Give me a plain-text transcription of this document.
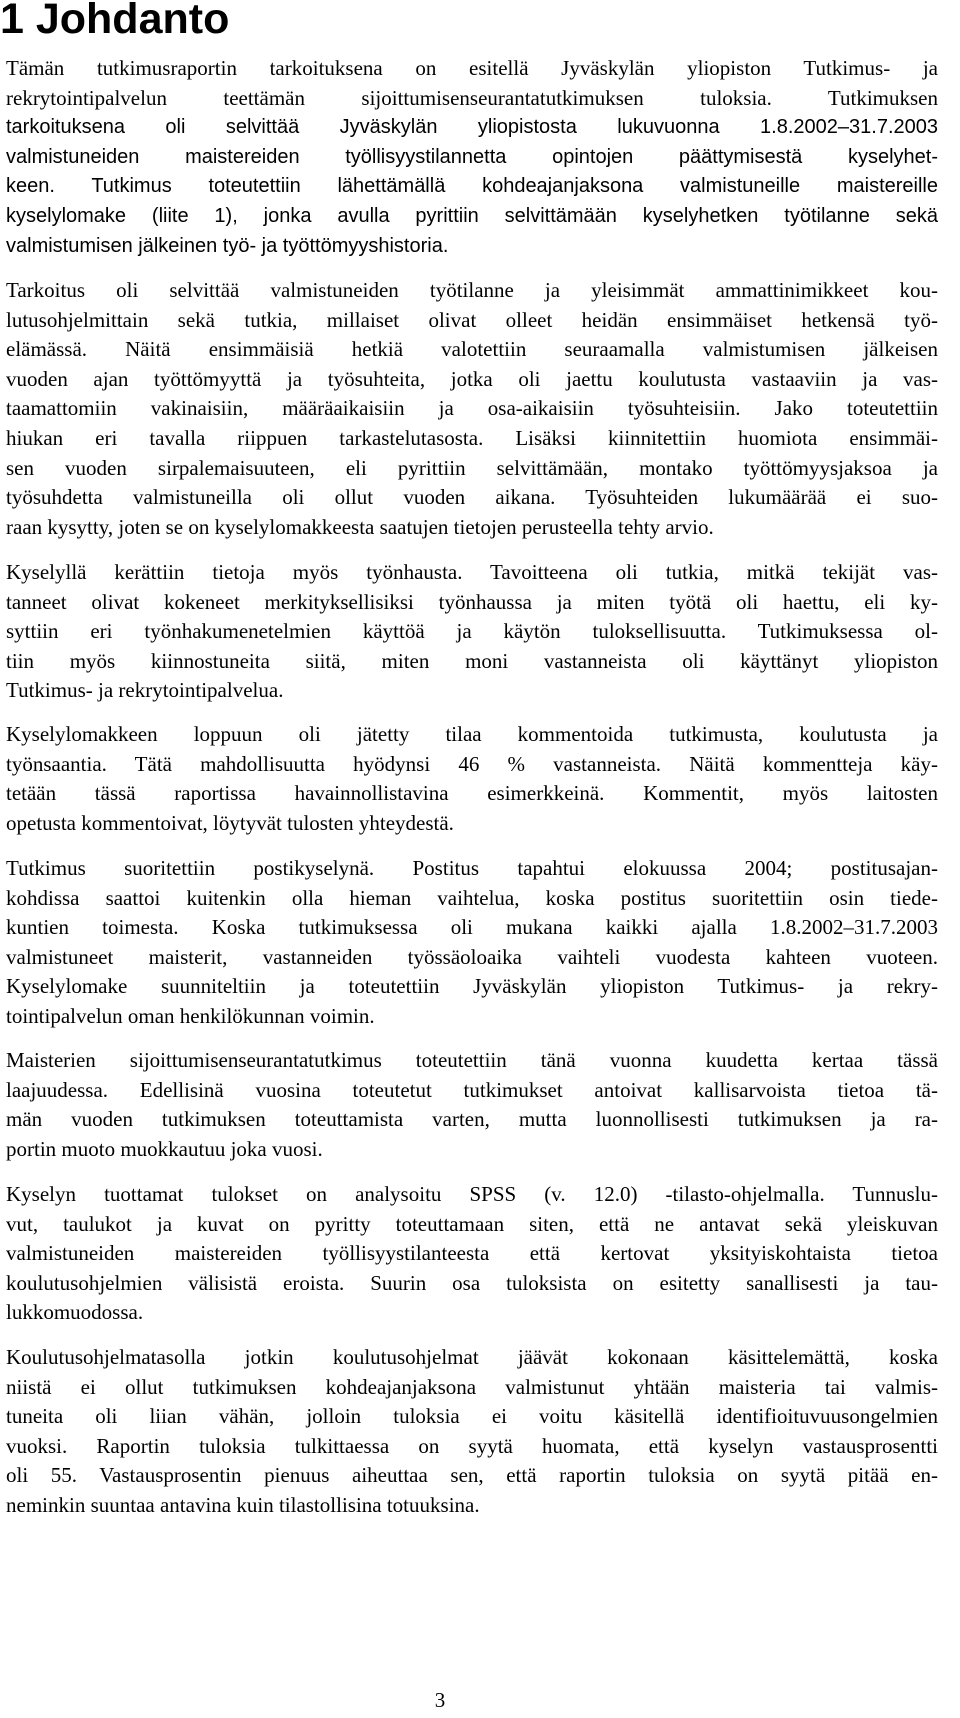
1 Johdanto
Tämän tutkimusraportin tarkoituksena on esitellä Jyväskylän yliopiston Tutkimus- ja
rekrytointipalvelun teettämän sijoittumisenseurantatutkimuksen tuloksia. Tutkimuksen
tarkoituksena oli selvittää Jyväskylän yliopistosta lukuvuonna 1.8.2002–31.7.2003
valmistuneiden maistereiden työllisyystilannetta opintojen päättymisestä kyselyhet-
keen. Tutkimus toteutettiin lähettämällä kohdeajanjaksona valmistuneille maistereille
kyselylomake (liite 1), jonka avulla pyrittiin selvittämään kyselyhetken työtilanne sekä
valmistumisen jälkeinen työ- ja työttömyyshistoria.
Tarkoitus oli selvittää valmistuneiden työtilanne ja yleisimmät ammattinimikkeet kou-
lutusohjelmittain sekä tutkia, millaiset olivat olleet heidän ensimmäiset hetkensä työ-
elämässä. Näitä ensimmäisiä hetkiä valotettiin seuraamalla valmistumisen jälkeisen
vuoden ajan työttömyyttä ja työsuhteita, jotka oli jaettu koulutusta vastaaviin ja vas-
taamattomiin vakinaisiin, määräaikaisiin ja osa-aikaisiin työsuhteisiin. Jako toteutettiin
hiukan eri tavalla riippuen tarkastelutasosta. Lisäksi kiinnitettiin huomiota ensimmäi-
sen vuoden sirpalemaisuuteen, eli pyrittiin selvittämään, montako työttömyysjaksoa ja
työsuhdetta valmistuneilla oli ollut vuoden aikana. Työsuhteiden lukumäärää ei suo-
raan kysytty, joten se on kyselylomakkeesta saatujen tietojen perusteella tehty arvio.
Kyselyllä kerättiin tietoja myös työnhausta. Tavoitteena oli tutkia, mitkä tekijät vas-
tanneet olivat kokeneet merkityksellisiksi työnhaussa ja miten työtä oli haettu, eli ky-
syttiin eri työnhakumenetelmien käyttöä ja käytön tuloksellisuutta. Tutkimuksessa ol-
tiin myös kiinnostuneita siitä, miten moni vastanneista oli käyttänyt yliopiston
Tutkimus- ja rekrytointipalvelua.
Kyselylomakkeen loppuun oli jätetty tilaa kommentoida tutkimusta, koulutusta ja
työnsaantia. Tätä mahdollisuutta hyödynsi 46 % vastanneista. Näitä kommentteja käy-
tetään tässä raportissa havainnollistavina esimerkkeinä. Kommentit, myös laitosten
opetusta kommentoivat, löytyvät tulosten yhteydestä.
Tutkimus suoritettiin postikyselynä. Postitus tapahtui elokuussa 2004; postitusajan-
kohdissa saattoi kuitenkin olla hieman vaihtelua, koska postitus suoritettiin osin tiede-
kuntien toimesta. Koska tutkimuksessa oli mukana kaikki ajalla 1.8.2002–31.7.2003
valmistuneet maisterit, vastanneiden työssäoloaika vaihteli vuodesta kahteen vuoteen.
Kyselylomake suunniteltiin ja toteutettiin Jyväskylän yliopiston Tutkimus- ja rekry-
tointipalvelun oman henkilökunnan voimin.
Maisterien sijoittumisenseurantatutkimus toteutettiin tänä vuonna kuudetta kertaa tässä
laajuudessa. Edellisinä vuosina toteutetut tutkimukset antoivat kallisarvoista tietoa tä-
män vuoden tutkimuksen toteuttamista varten, mutta luonnollisesti tutkimuksen ja ra-
portin muoto muokkautuu joka vuosi.
Kyselyn tuottamat tulokset on analysoitu SPSS (v. 12.0) -tilasto-ohjelmalla. Tunnuslu-
vut, taulukot ja kuvat on pyritty toteuttamaan siten, että ne antavat sekä yleiskuvan
valmistuneiden maistereiden työllisyystilanteesta että kertovat yksityiskohtaista tietoa
koulutusohjelmien välisistä eroista. Suurin osa tuloksista on esitetty sanallisesti ja tau-
lukkomuodossa.
Koulutusohjelmatasolla jotkin koulutusohjelmat jäävät kokonaan käsittelemättä, koska
niistä ei ollut tutkimuksen kohdeajanjaksona valmistunut yhtään maisteria tai valmis-
tuneita oli liian vähän, jolloin tuloksia ei voitu käsitellä identifioituvuusongelmien
vuoksi. Raportin tuloksia tulkittaessa on syytä huomata, että kyselyn vastausprosentti
oli 55. Vastausprosentin pienuus aiheuttaa sen, että raportin tuloksia on syytä pitää en-
neminkin suuntaa antavina kuin tilastollisina totuuksina.
3
